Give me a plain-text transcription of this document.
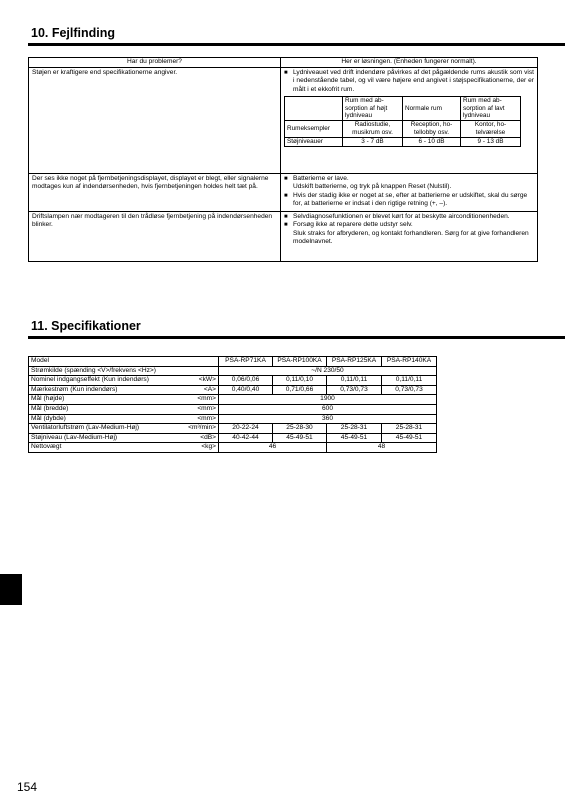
10. Fejlfinding
Har du problemer?	Her er løsningen. (Enheden fungerer normalt).
Støjen er kraftigere end specifikationerne angiver.	
■Lydniveauet ved drift indendøre påvirkes af det pågældende rums akustik som vist i nedenstående tabel, og vil være højere end angivet i støjspecifikationerne, der er målt i et ekkofrit rum.
	Rum med ab-sorption af højt lydniveau	Normale rum	Rum med ab-sorption af lavt lydniveau
Rumeksempler	Radiostudie, musikrum osv.	Reception, ho-tellobby osv.	Kontor, ho-telværelse
Støjniveauer	3 - 7 dB	6 - 10 dB	9 - 13 dB

Der ses ikke noget på fjernbetjeningsdisplayet, displayet er blegt, eller signalerne modtages kun af indendørsenheden, hvis fjernbetjeningen holdes helt tæt på.	
■ Batterierne er lave.
Udskift batterierne, og tryk på knappen Reset (Nulstil).
■ Hvis der stadig ikke er noget at se, efter at batterierne er udskiftet, skal du sørge for, at batterierne er indsat i den rigtige retning (+, –).

Driftslampen nær modtageren til den trådløse fjernbetjening på indendørsenheden blinker.	
■ Selvdiagnosefunktionen er blevet kørt for at beskytte airconditionenheden.
■ Forsøg ikke at reparere dette udstyr selv.
Sluk straks for afbryderen, og kontakt forhandleren. Sørg for at give forhandleren modelnavnet.
11. Specifikationer
Model	PSA-RP71KA	PSA-RP100KA	PSA-RP125KA	PSA-RP140KA
Strømkilde (spænding <V>/frekvens <Hz>)	~/N 230/50			

Nominel indgangseffekt (Kun indendørs) <kW>	0,06/0,06	0,11/0,10	0,11/0,11	0,11/0,11

Mærkestrøm (Kun indendørs) <A>	0,40/0,40	0,71/0,66	0,73/0,73	0,73/0,73

Mål (højde) <mm>	1900			

Mål (bredde) <mm>	600			

Mål (dybde) <mm>	360			

Ventilatorluftstrøm (Lav-Medium-Høj) <m³/min>	20-22-24	25-28-30	25-28-31	25-28-31

Støjniveau (Lav-Medium-Høj) <dB>	40-42-44	45-49-51	45-49-51	45-49-51

Nettovægt <kg>	46		48	
154
